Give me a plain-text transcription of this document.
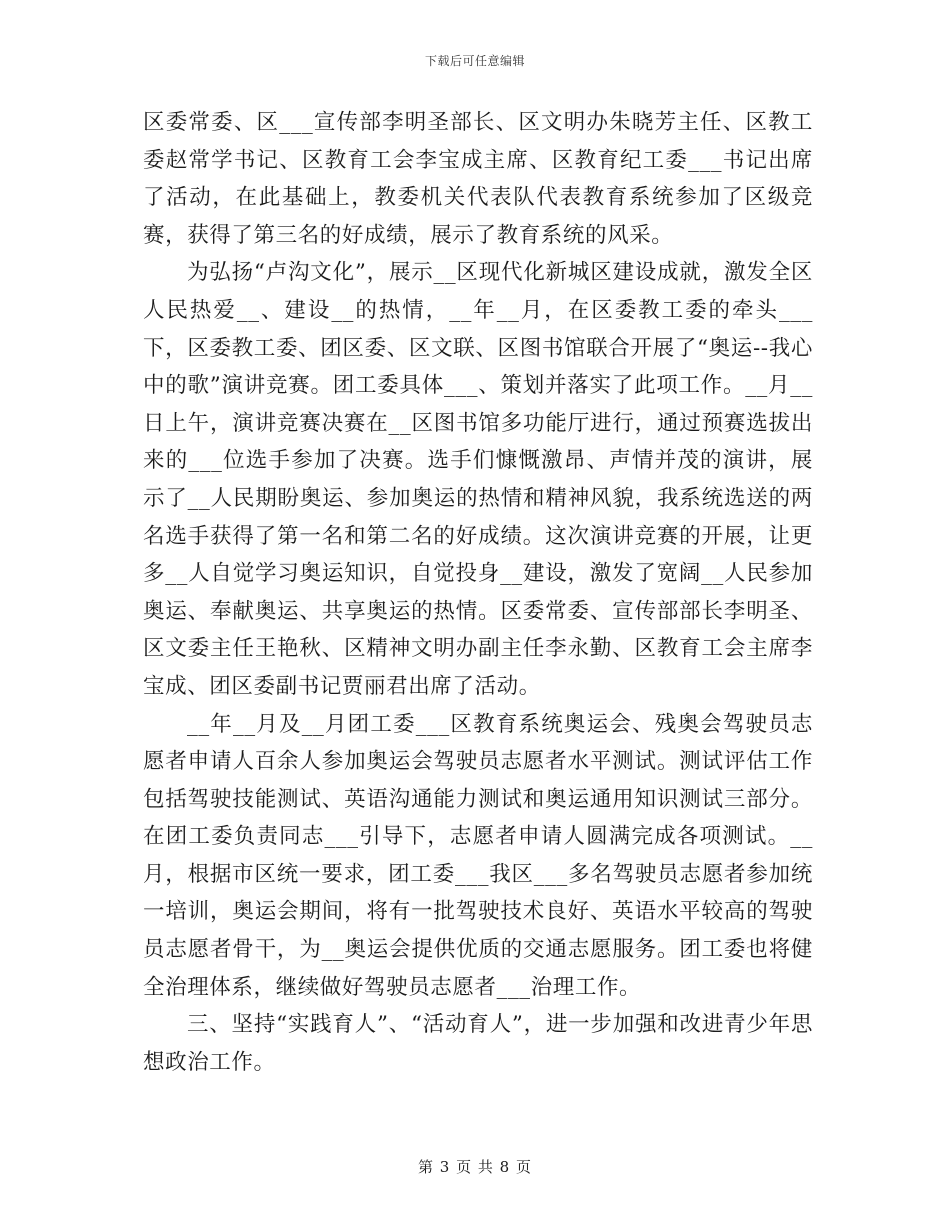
下载后可任意编辑

区委常委、区___宣传部李明圣部长、区文明办朱晓芳主任、区教工委赵常学书记、区教育工会李宝成主席、区教育纪工委___书记出席了活动，在此基础上，教委机关代表队代表教育系统参加了区级竞赛，获得了第三名的好成绩，展示了教育系统的风采。

为弘扬“卢沟文化”，展示__区现代化新城区建设成就，激发全区人民热爱__、建设__的热情，__年__月，在区委教工委的牵头___下，区委教工委、团区委、区文联、区图书馆联合开展了“奥运--我心中的歌”演讲竞赛。团工委具体___、策划并落实了此项工作。__月__日上午，演讲竞赛决赛在__区图书馆多功能厅进行，通过预赛选拔出来的___位选手参加了决赛。选手们慷慨激昂、声情并茂的演讲，展示了__人民期盼奥运、参加奥运的热情和精神风貌，我系统选送的两名选手获得了第一名和第二名的好成绩。这次演讲竞赛的开展，让更多__人自觉学习奥运知识，自觉投身__建设，激发了宽阔__人民参加奥运、奉献奥运、共享奥运的热情。区委常委、宣传部部长李明圣、区文委主任王艳秋、区精神文明办副主任李永勤、区教育工会主席李宝成、团区委副书记贾丽君出席了活动。

__年__月及__月团工委___区教育系统奥运会、残奥会驾驶员志愿者申请人百余人参加奥运会驾驶员志愿者水平测试。测试评估工作包括驾驶技能测试、英语沟通能力测试和奥运通用知识测试三部分。在团工委负责同志___引导下，志愿者申请人圆满完成各项测试。__月，根据市区统一要求，团工委___我区___多名驾驶员志愿者参加统一培训，奥运会期间，将有一批驾驶技术良好、英语水平较高的驾驶员志愿者骨干，为__奥运会提供优质的交通志愿服务。团工委也将健全治理体系，继续做好驾驶员志愿者___治理工作。

三、坚持“实践育人”、“活动育人”，进一步加强和改进青少年思想政治工作。

第 3 页 共 8 页
